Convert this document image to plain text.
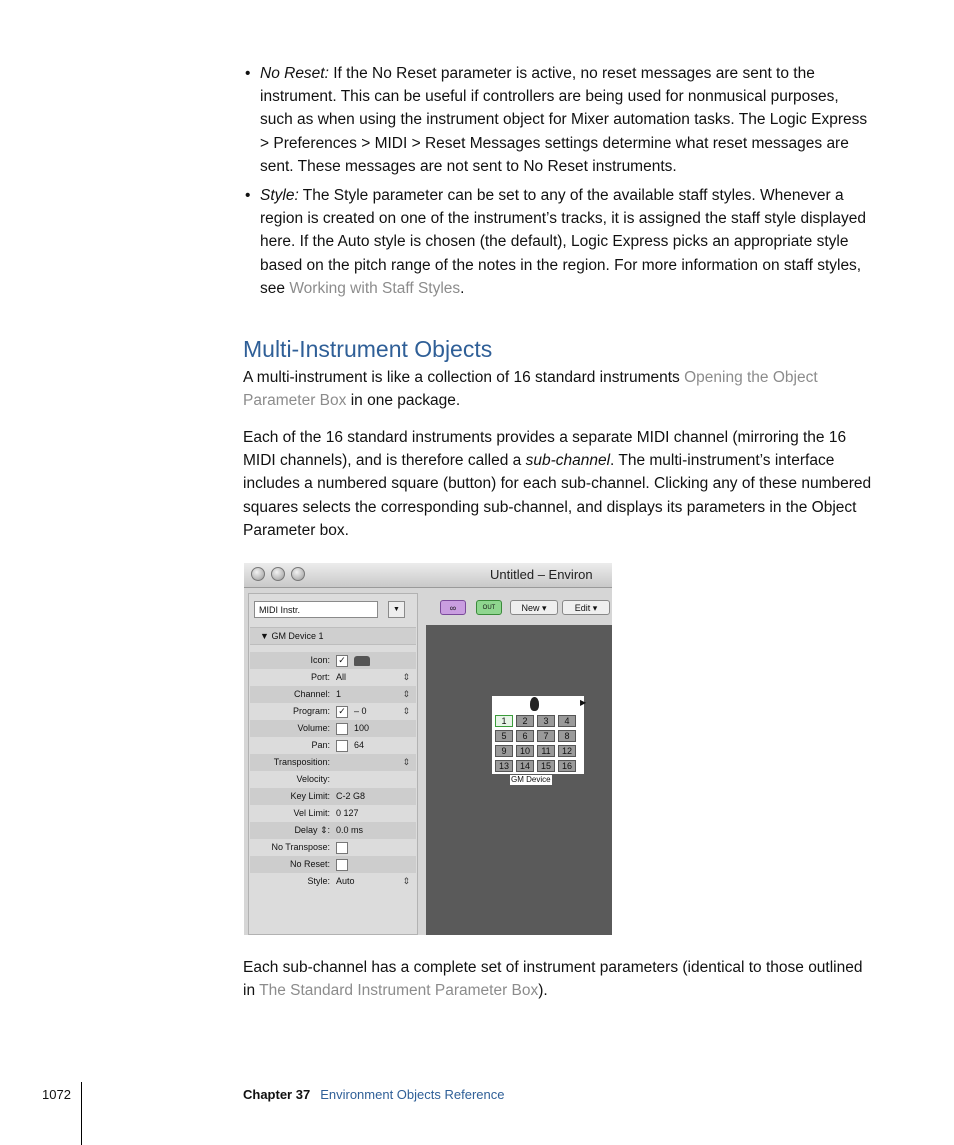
• No Reset: If the No Reset parameter is active, no reset messages are sent to the instrument. This can be useful if controllers are being used for nonmusical purposes, such as when using the instrument object for Mixer automation tasks. The Logic Express > Preferences > MIDI > Reset Messages settings determine what reset messages are sent. These messages are not sent to No Reset instruments.
• Style: The Style parameter can be set to any of the available staff styles. Whenever a region is created on one of the instrument’s tracks, it is assigned the staff style displayed here. If the Auto style is chosen (the default), Logic Express picks an appropriate style based on the pitch range of the notes in the region. For more information on staff styles, see Working with Staff Styles.
Multi-Instrument Objects
A multi-instrument is like a collection of 16 standard instruments Opening the Object Parameter Box in one package.
Each of the 16 standard instruments provides a separate MIDI channel (mirroring the 16 MIDI channels), and is therefore called a sub-channel. The multi-instrument’s interface includes a numbered square (button) for each sub-channel. Clicking any of these numbered squares selects the corresponding sub-channel, and displays its parameters in the Object Parameter box.
Untitled – Environ
MIDI Instr.	▼
▼ GM Device 1
Icon: ✓
Port: All	⇕
Channel: 1	⇕
Program: ✓ – 0	⇕
Volume:	100
Pan:	64
Transposition:	⇕
Velocity:
Key Limit: C-2 G8
Vel Limit: 0 127
Delay ⇕: 0.0 ms
No Transpose:
No Reset:
Style: Auto	⇕
∞	OUT	New ▾	Edit ▾
▶
1	2	3	4
5	6	7	8
9	10	11	12
13	14	15	16
GM Device
Each sub-channel has a complete set of instrument parameters (identical to those outlined in The Standard Instrument Parameter Box).
1072	Chapter 37 Environment Objects Reference
